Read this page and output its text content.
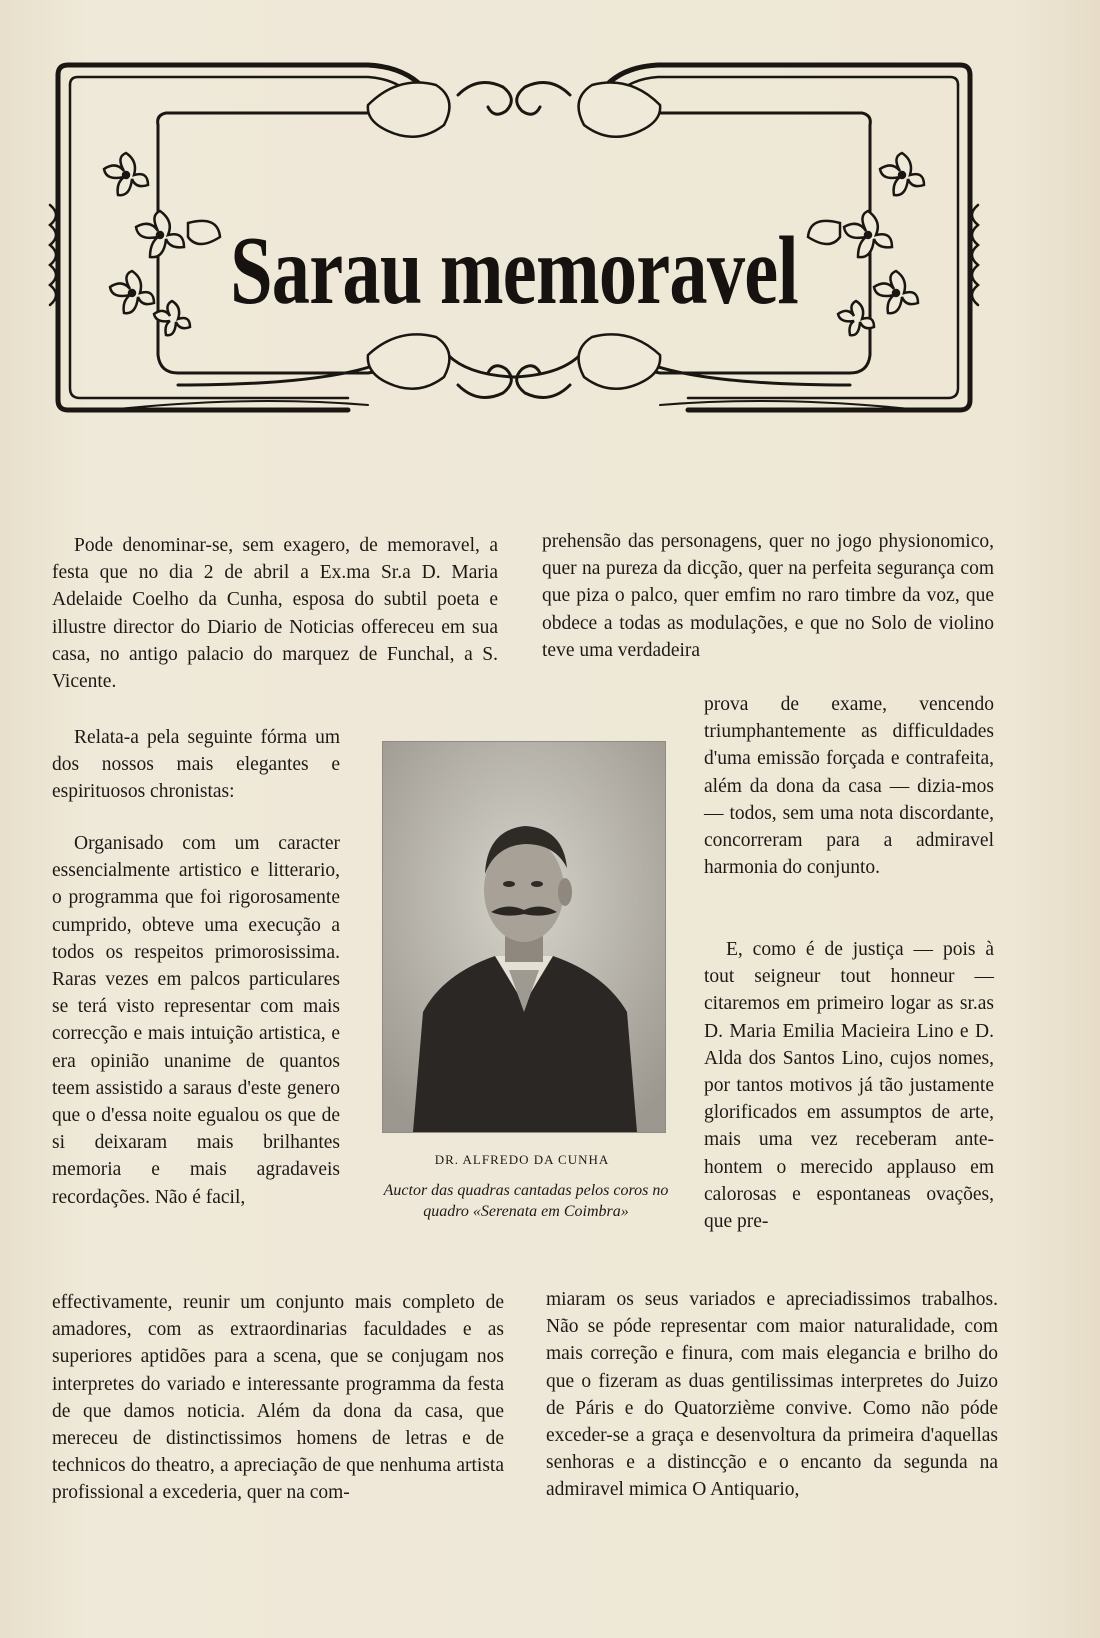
Sarau memoravel

Pode denominar-se, sem exagero, de memoravel, a festa que no dia 2 de abril a Ex.ma Sr.a D. Maria Adelaide Coelho da Cunha, esposa do subtil poeta e illustre director do Diario de Noticias offereceu em sua casa, no antigo palacio do marquez de Funchal, a S. Vicente.

Relata-a pela seguinte fórma um dos nossos mais elegantes e espirituosos chronistas:

Organisado com um caracter essencialmente artistico e litterario, o programma que foi rigorosamente cumprido, obteve uma execução a todos os respeitos primorosissima. Raras vezes em palcos particulares se terá visto representar com mais correcção e mais intuição artistica, e era opinião unanime de quantos teem assistido a saraus d'este genero que o d'essa noite egualou os que de si deixaram mais brilhantes memoria e mais agradaveis recordações. Não é facil,

effectivamente, reunir um conjunto mais completo de amadores, com as extraordinarias faculdades e as superiores aptidões para a scena, que se conjugam nos interpretes do variado e interessante programma da festa de que damos noticia. Além da dona da casa, que mereceu de distinctissimos homens de letras e de technicos do theatro, a apreciação de que nenhuma artista profissional a excederia, quer na com-

prehensão das personagens, quer no jogo physionomico, quer na pureza da dicção, quer na perfeita segurança com que piza o palco, quer emfim no raro timbre da voz, que obdece a todas as modulações, e que no Solo de violino teve uma verdadeira

prova de exame, vencendo triumphantemente as difficuldades d'uma emissão forçada e contrafeita, além da dona da casa — dizia-mos — todos, sem uma nota discordante, concorreram para a admiravel harmonia do conjunto.

E, como é de justiça — pois à tout seigneur tout honneur — citaremos em primeiro logar as sr.as D. Maria Emilia Macieira Lino e D. Alda dos Santos Lino, cujos nomes, por tantos motivos já tão justamente glorificados em assumptos de arte, mais uma vez receberam ante-hontem o merecido applauso em calorosas e espontaneas ovações, que pre-

miaram os seus variados e apreciadissimos trabalhos. Não se póde representar com maior naturalidade, com mais correção e finura, com mais elegancia e brilho do que o fizeram as duas gentilissimas interpretes do Juizo de Páris e do Quatorzième convive. Como não póde exceder-se a graça e desenvoltura da primeira d'aquellas senhoras e a distincção e o encanto da segunda na admiravel mimica O Antiquario,

DR. ALFREDO DA CUNHA
Auctor das quadras cantadas pelos coros no quadro «Serenata em Coimbra»
